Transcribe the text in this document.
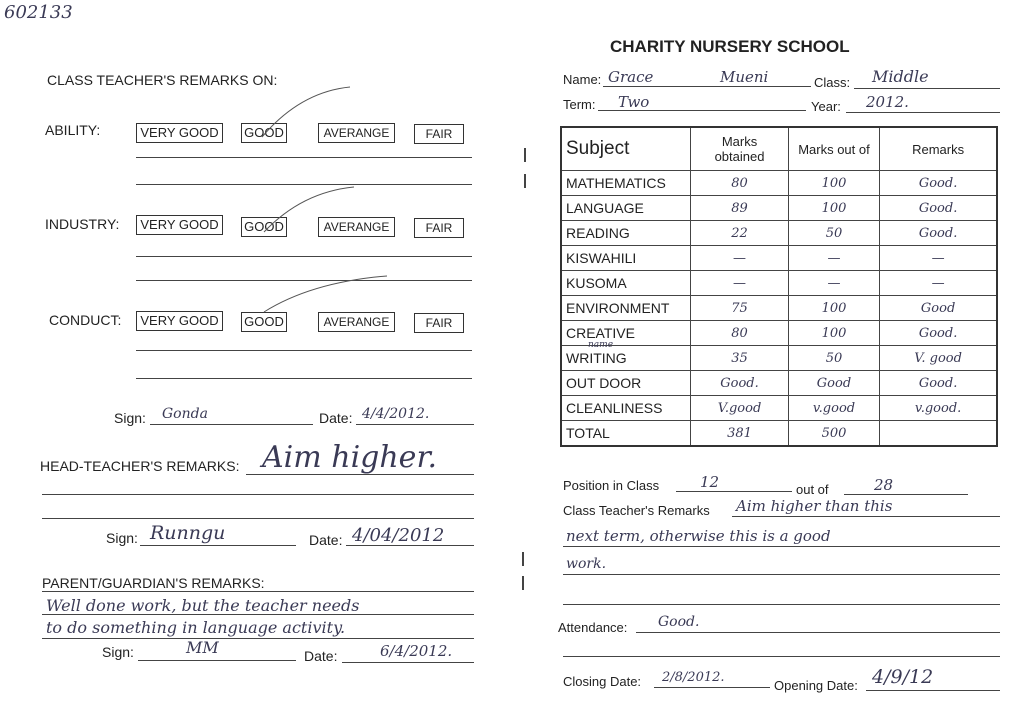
602133
CLASS TEACHER'S REMARKS ON:
ABILITY:	VERY GOOD	GOOD	AVERANGE	FAIR
INDUSTRY:	VERY GOOD	GOOD	AVERANGE	FAIR
CONDUCT:	VERY GOOD	GOOD	AVERANGE	FAIR
Sign: Gonda	Date: 4/4/2012.
HEAD-TEACHER'S REMARKS: Aim higher.
Sign: Runngu	Date: 4/04/2012
PARENT/GUARDIAN'S REMARKS:
Well done work, but the teacher needs
to do something in language activity.
Sign:	MM	Date:	6/4/2012.
CHARITY NURSERY SCHOOL
Name: Grace	Mueni	Class: Middle
Term: Two	Year: 2012.
Subject	Marks obtained	Marks out of	Remarks
MATHEMATICS	80	100	Good.
LANGUAGE	89	100	Good.
READING	22	50	Good.
KISWAHILI	—	—	—
KUSOMA	—	—	—
ENVIRONMENT	75	100	Good
CREATIVE	80	100	Good.

name
WRITING	35	50	V. good
OUT DOOR	Good.	Good	Good.
CLEANLINESS	V.good	v.good	v.good.
TOTAL	381	500	
Position in Class	12	out of	28
Class Teacher's Remarks Aim higher than this
next term, otherwise this is a good
work.
Attendance: Good.
Closing Date: 2/8/2012.
Opening Date: 4/9/12
